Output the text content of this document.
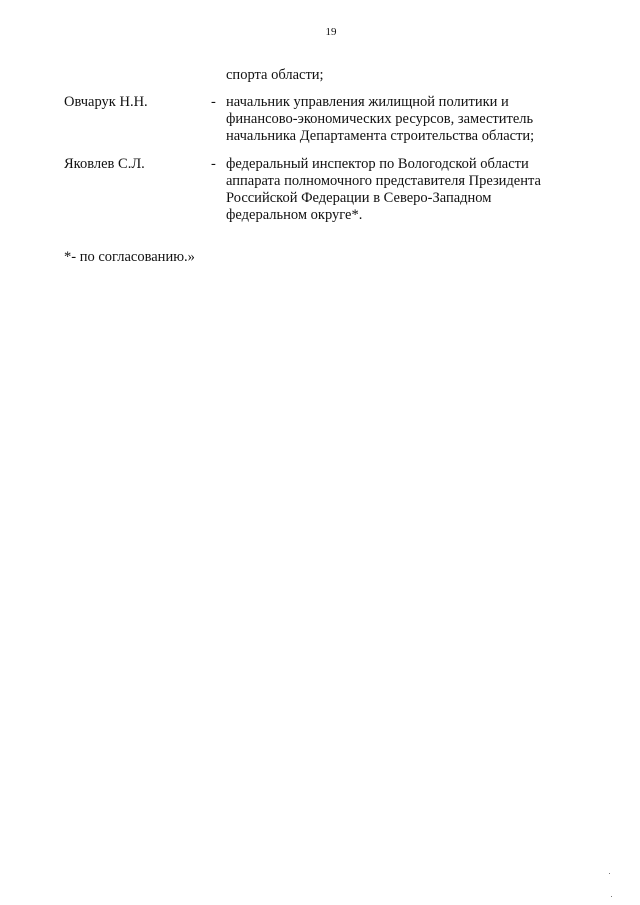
19
спорта области;
Овчарук Н.Н.	- начальник управления жилищной политики и
финансово-экономических ресурсов, заместитель
начальника Департамента строительства области;
Яковлев С.Л.	- федеральный инспектор по Вологодской области
аппарата полномочного представителя Президента
Российской Федерации в Северо-Западном
федеральном округе*.
*- по согласованию.»
